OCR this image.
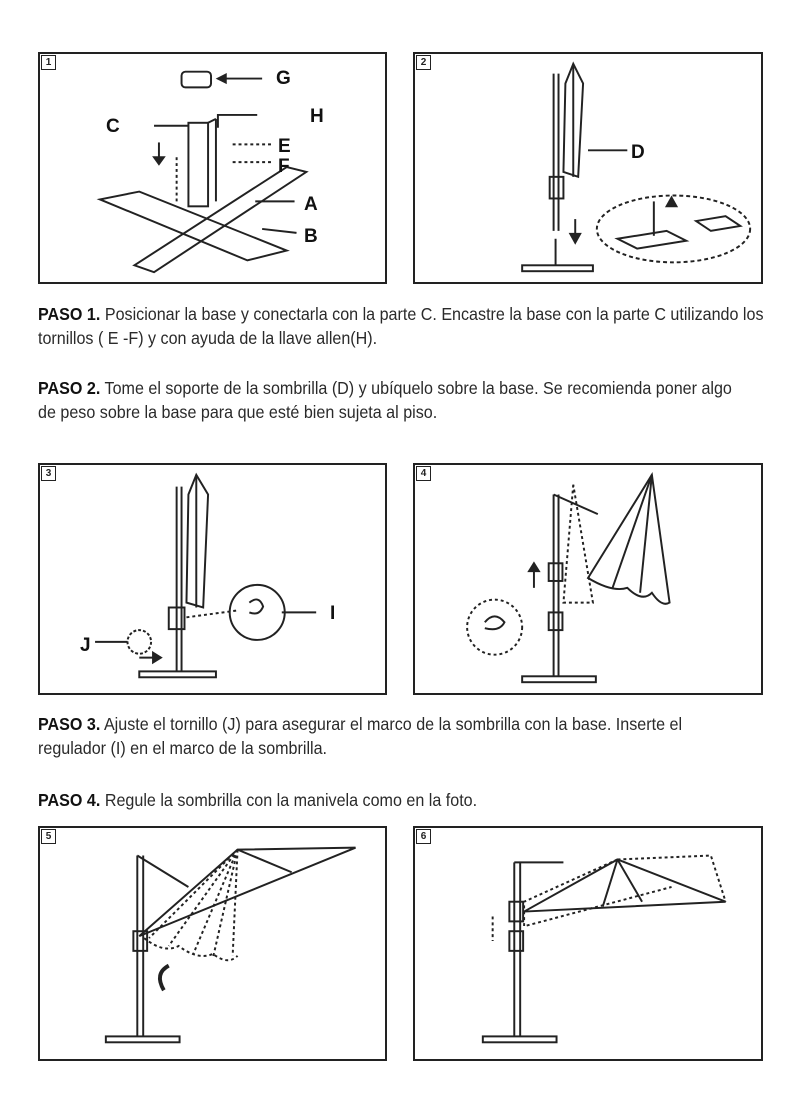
1
G
H
C
E
F
A
B
2
D
PASO 1. Posicionar la base y conectarla con la parte C. Encastre la base con la parte C utilizando los tornillos ( E -F) y con ayuda de la llave allen(H).
PASO 2. Tome el soporte de la sombrilla (D) y ubíquelo sobre la base. Se recomienda poner algo de peso sobre la base para que esté bien sujeta al piso.
3
I
J
4
PASO 3. Ajuste el tornillo (J) para asegurar el marco de la sombrilla con la base. Inserte el regulador (I) en el marco de la sombrilla.
PASO 4. Regule la sombrilla con la manivela como en la foto.
5	6
